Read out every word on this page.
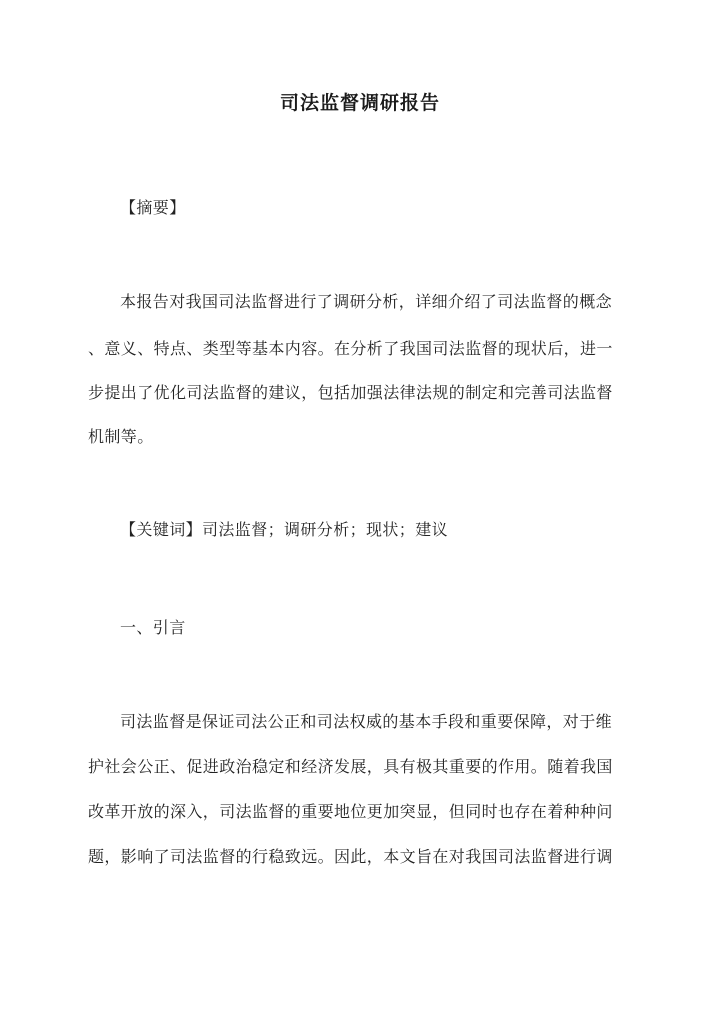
司法监督调研报告
【摘要】
本报告对我国司法监督进行了调研分析，详细介绍了司法监督的概念
、意义、特点、类型等基本内容。在分析了我国司法监督的现状后，进一
步提出了优化司法监督的建议，包括加强法律法规的制定和完善司法监督
机制等。
【关键词】司法监督；调研分析；现状；建议
一、引言
司法监督是保证司法公正和司法权威的基本手段和重要保障，对于维
护社会公正、促进政治稳定和经济发展，具有极其重要的作用。随着我国
改革开放的深入，司法监督的重要地位更加突显，但同时也存在着种种问
题，影响了司法监督的行稳致远。因此，本文旨在对我国司法监督进行调
